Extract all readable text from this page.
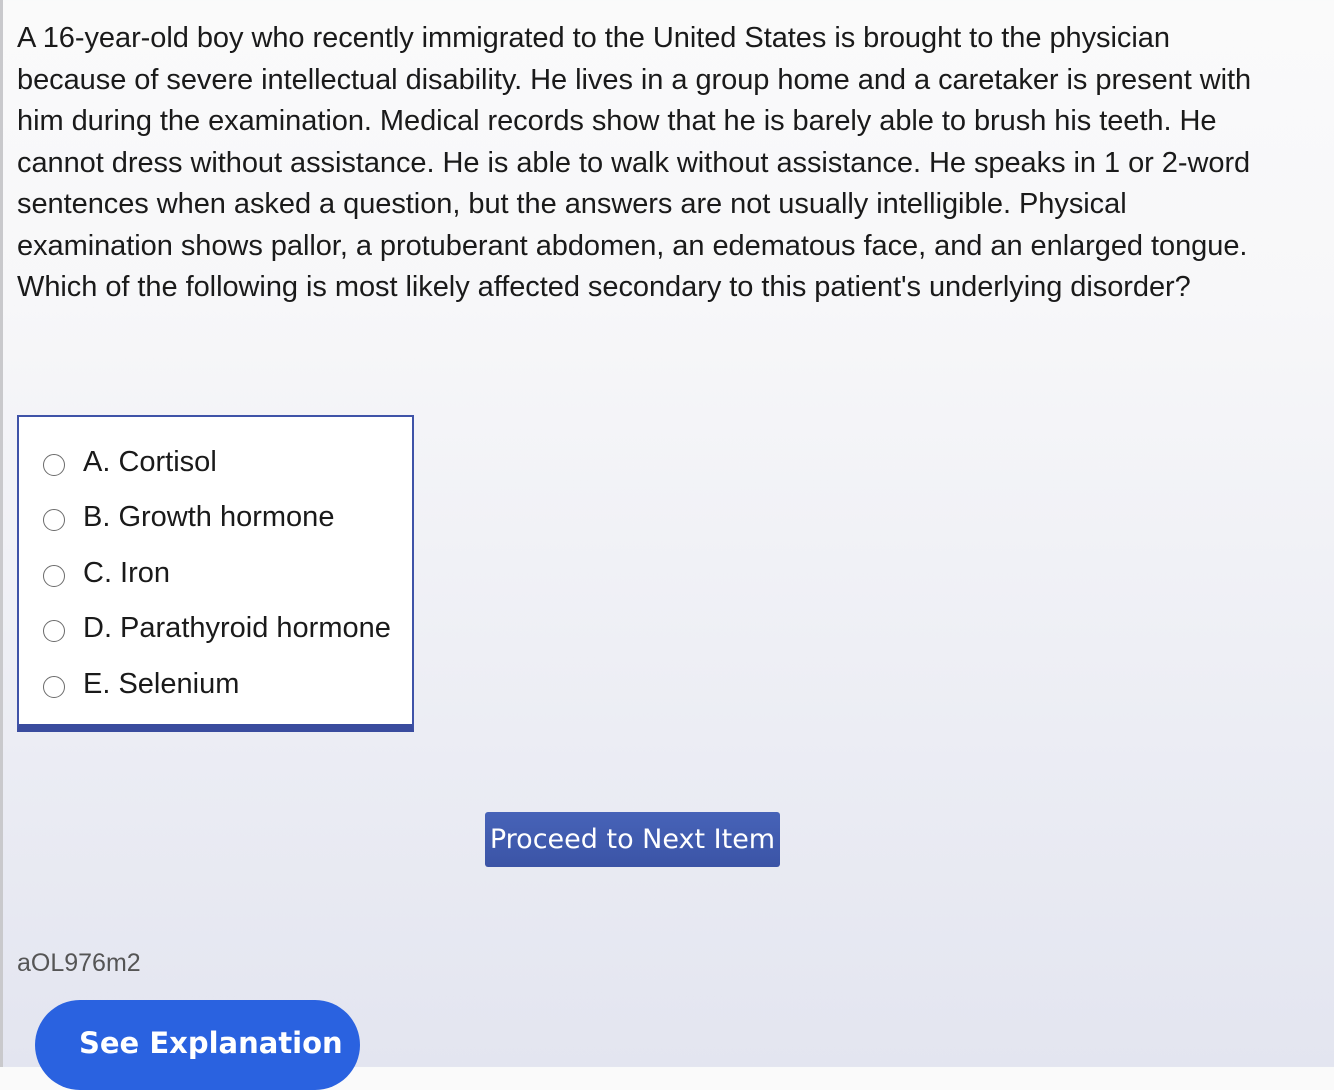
A 16-year-old boy who recently immigrated to the United States is brought to the physician because of severe intellectual disability. He lives in a group home and a caretaker is present with him during the examination. Medical records show that he is barely able to brush his teeth. He cannot dress without assistance. He is able to walk without assistance. He speaks in 1 or 2-word sentences when asked a question, but the answers are not usually intelligible. Physical examination shows pallor, a protuberant abdomen, an edematous face, and an enlarged tongue. Which of the following is most likely affected secondary to this patient's underlying disorder?

A. Cortisol
B. Growth hormone
C. Iron
D. Parathyroid hormone
E. Selenium
Proceed to Next Item
aOL976m2
See Explanation
